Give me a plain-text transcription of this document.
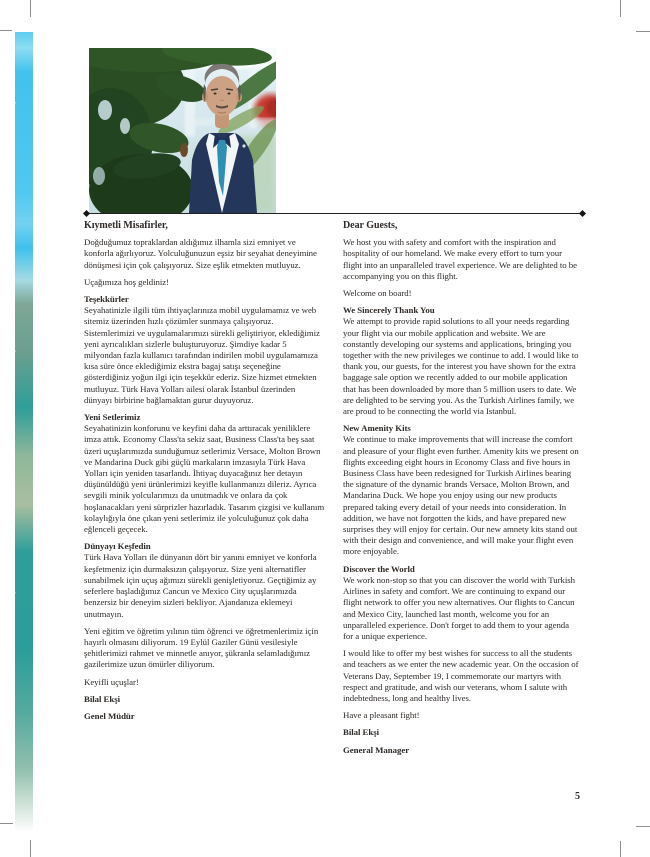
Kıymetli Misafirler,

Doğduğumuz topraklardan aldığımız ilhamla sizi emniyet ve konforla ağırlıyoruz. Yolculuğunuzun eşsiz bir seyahat deneyimine dönüşmesi için çok çalışıyoruz. Size eşlik etmekten mutluyuz.

Uçağımıza hoş geldiniz!

Teşekkürler
Seyahatinizle ilgili tüm ihtiyaçlarınıza mobil uygulamamız ve web sitemiz üzerinden hızlı çözümler sunmaya çalışıyoruz. Sistemlerimizi ve uygulamalarımızı sürekli geliştiriyor, eklediğimiz yeni ayrıcalıkları sizlerle buluşturuyoruz. Şimdiye kadar 5 milyondan fazla kullanıcı tarafından indirilen mobil uygulamamıza kısa süre önce eklediğimiz ekstra bagaj satışı seçeneğine gösterdiğiniz yoğun ilgi için teşekkür ederiz. Size hizmet etmekten mutluyuz. Türk Hava Yolları ailesi olarak İstanbul üzerinden dünyayı birbirine bağlamaktan gurur duyuyoruz.

Yeni Setlerimiz
Seyahatinizin konforunu ve keyfini daha da arttıracak yeniliklere imza attık. Economy Class'ta sekiz saat, Business Class'ta beş saat üzeri uçuşlarımızda sunduğumuz setlerimiz Versace, Molton Brown ve Mandarina Duck gibi güçlü markaların imzasıyla Türk Hava Yolları için yeniden tasarlandı. İhtiyaç duyacağınız her detayın düşünüldüğü yeni ürünlerimizi keyifle kullanmanızı dileriz. Ayrıca sevgili minik yolcularımızı da unutmadık ve onlara da çok hoşlanacakları yeni sürprizler hazırladık. Tasarım çizgisi ve kullanım kolaylığıyla öne çıkan yeni setlerimiz ile yolculuğunuz çok daha eğlenceli geçecek.

Dünyayı Keşfedin
Türk Hava Yolları ile dünyanın dört bir yanını emniyet ve konforla keşfetmeniz için durmaksızın çalışıyoruz. Size yeni alternatifler sunabilmek için uçuş ağımızı sürekli genişletiyoruz. Geçtiğimiz ay seferlere başladığımız Cancun ve Mexico City uçuşlarımızda benzersiz bir deneyim sizleri bekliyor. Ajandanıza eklemeyi unutmayın.

Yeni eğitim ve öğretim yılının tüm öğrenci ve öğretmenlerimiz için hayırlı olmasını diliyorum. 19 Eylül Gaziler Günü vesilesiyle şehitlerimizi rahmet ve minnetle anıyor, şükranla selamladığımız gazilerimize uzun ömürler diliyorum.

Keyifli uçuşlar!

Bilal Ekşi

Genel Müdür

Dear Guests,

We host you with safety and comfort with the inspiration and hospitality of our homeland. We make every effort to turn your flight into an unparalleled travel experience. We are delighted to be accompanying you on this flight.

Welcome on board!

We Sincerely Thank You
We attempt to provide rapid solutions to all your needs regarding your flight via our mobile application and website. We are constantly developing our systems and applications, bringing you together with the new privileges we continue to add. I would like to thank you, our guests, for the interest you have shown for the extra baggage sale option we recently added to our mobile application that has been downloaded by more than 5 million users to date. We are delighted to be serving you. As the Turkish Airlines family, we are proud to be connecting the world via Istanbul.

New Amenity Kits
We continue to make improvements that will increase the comfort and pleasure of your flight even further. Amenity kits we present on flights exceeding eight hours in Economy Class and five hours in Business Class have been redesigned for Turkish Airlines bearing the signature of the dynamic brands Versace, Molton Brown, and Mandarina Duck. We hope you enjoy using our new products prepared taking every detail of your needs into consideration. In addition, we have not forgotten the kids, and have prepared new surprises they will enjoy for certain. Our new amnety kits stand out with their design and convenience, and will make your flight even more enjoyable.

Discover the World
We work non-stop so that you can discover the world with Turkish Airlines in safety and comfort. We are continuing to expand our flight network to offer you new alternatives. Our flights to Cancun and Mexico City, launched last month, welcome you for an unparalleled experience. Don't forget to add them to your agenda for a unique experience.

I would like to offer my best wishes for success to all the students and teachers as we enter the new academic year. On the occasion of Veterans Day, September 19, I commemorate our martyrs with respect and gratitude, and wish our veterans, whom I salute with indebtedness, long and healthy lives.

Have a pleasant fight!

Bilal Ekşi

General Manager

5
